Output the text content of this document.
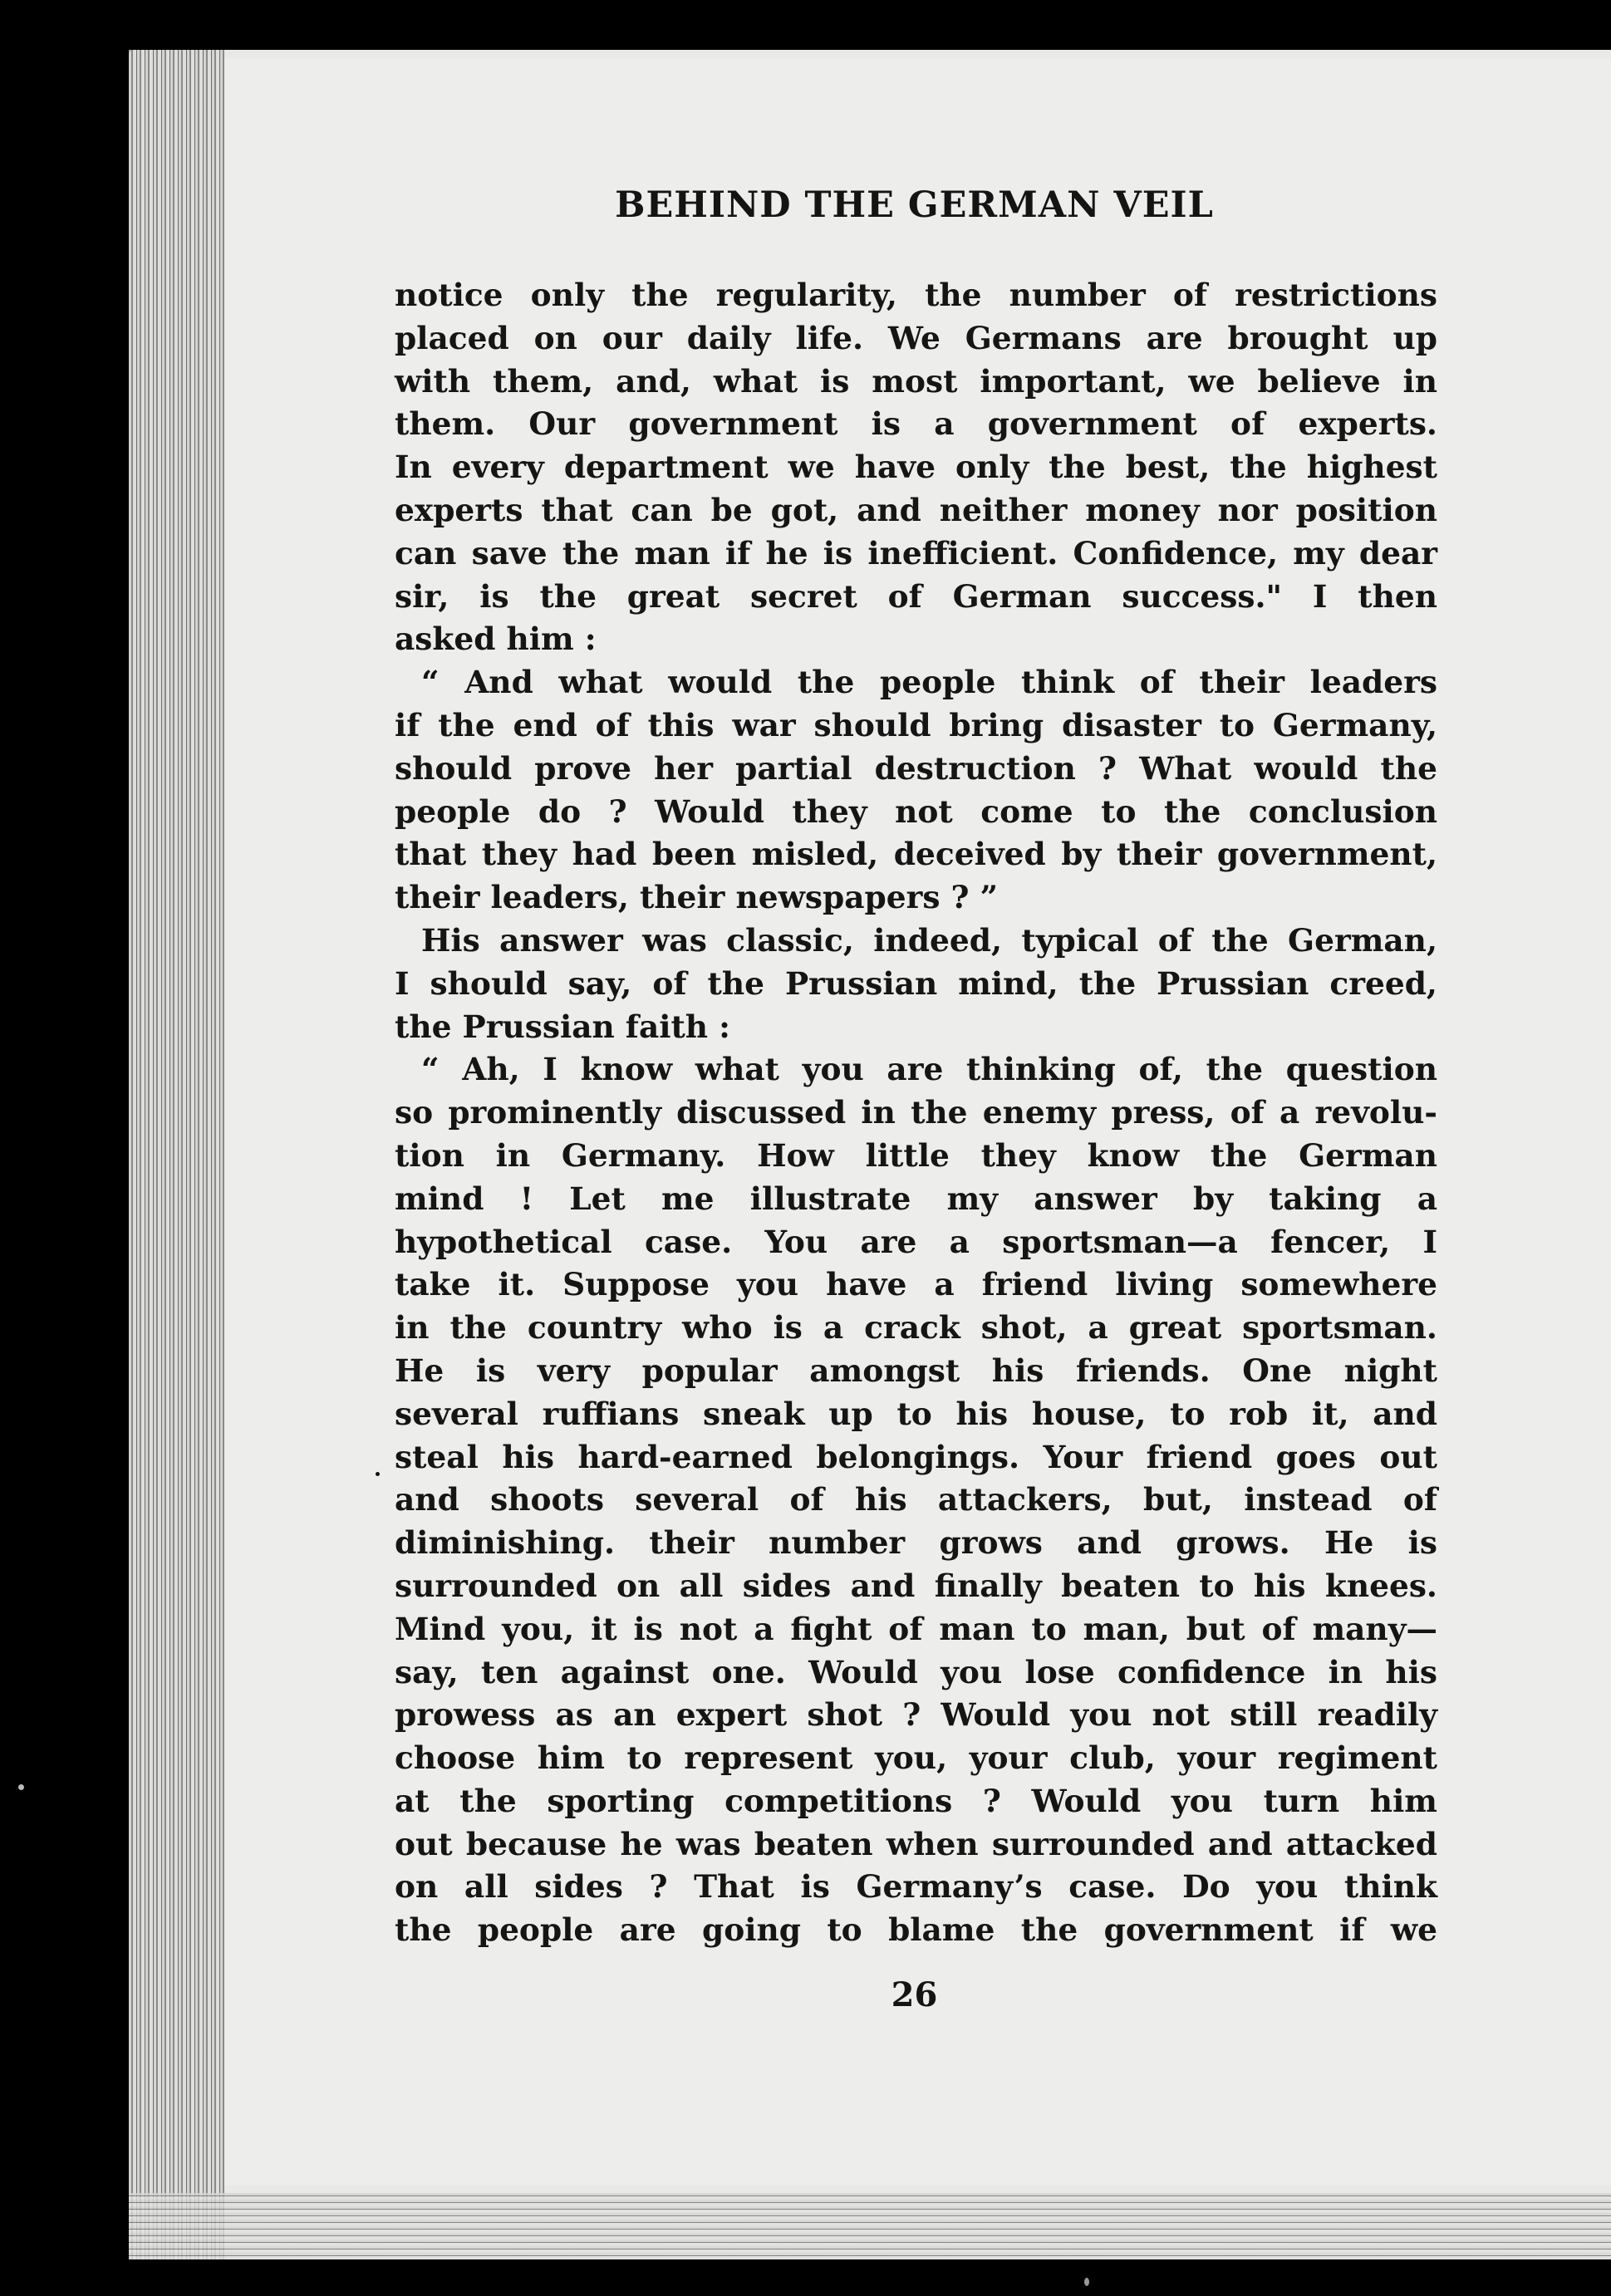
BEHIND THE GERMAN VEIL
notice only the regularity, the number of restrictions
placed on our daily life. We Germans are brought up
with them, and, what is most important, we believe in
them. Our government is a government of experts.
In every department we have only the best, the highest
experts that can be got, and neither money nor position
can save the man if he is inefficient. Confidence, my dear
sir, is the great secret of German success." I then
asked him :
“ And what would the people think of their leaders
if the end of this war should bring disaster to Germany,
should prove her partial destruction ? What would the
people do ? Would they not come to the conclusion
that they had been misled, deceived by their government,
their leaders, their newspapers ? ”
His answer was classic, indeed, typical of the German,
I should say, of the Prussian mind, the Prussian creed,
the Prussian faith :
“ Ah, I know what you are thinking of, the question
so prominently discussed in the enemy press, of a revolu-
tion in Germany. How little they know the German
mind ! Let me illustrate my answer by taking a
hypothetical case. You are a sportsman—a fencer, I
take it. Suppose you have a friend living somewhere
in the country who is a crack shot, a great sportsman.
He is very popular amongst his friends. One night
several ruffians sneak up to his house, to rob it, and
steal his hard-earned belongings. Your friend goes out
and shoots several of his attackers, but, instead of
diminishing. their number grows and grows. He is
surrounded on all sides and finally beaten to his knees.
Mind you, it is not a fight of man to man, but of many—
say, ten against one. Would you lose confidence in his
prowess as an expert shot ? Would you not still readily
choose him to represent you, your club, your regiment
at the sporting competitions ? Would you turn him
out because he was beaten when surrounded and attacked
on all sides ? That is Germany’s case. Do you think
the people are going to blame the government if we
26
